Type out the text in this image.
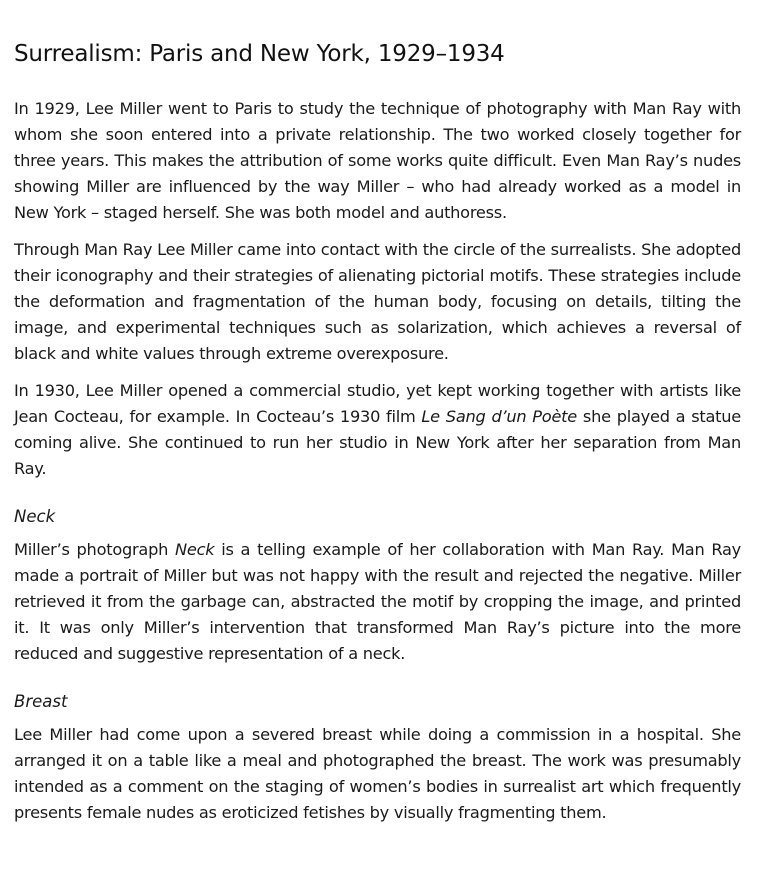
Surrealism: Paris and New York, 1929–1934

In 1929, Lee Miller went to Paris to study the technique of photography with Man Ray with whom she soon entered into a private relationship. The two worked closely together for three years. This makes the attribution of some works quite difficult. Even Man Ray’s nudes showing Miller are influenced by the way Miller – who had already worked as a model in New York – staged herself. She was both model and authoress.

Through Man Ray Lee Miller came into contact with the circle of the surrealists. She adopted their iconography and their strategies of alienating pictorial motifs. These strategies include the deformation and fragmentation of the human body, focusing on details, tilting the image, and experimental techniques such as solarization, which achieves a reversal of black and white values through extreme overexposure.

In 1930, Lee Miller opened a commercial studio, yet kept working together with artists like Jean Cocteau, for example. In Cocteau’s 1930 film Le Sang d’un Poète she played a statue coming alive. She continued to run her studio in New York after her separation from Man Ray.

Neck

Miller’s photograph Neck is a telling example of her collaboration with Man Ray. Man Ray made a portrait of Miller but was not happy with the result and rejected the negative. Miller retrieved it from the garbage can, abstracted the motif by cropping the image, and printed it. It was only Miller’s intervention that transformed Man Ray’s picture into the more reduced and suggestive representation of a neck.

Breast

Lee Miller had come upon a severed breast while doing a commission in a hospital. She arranged it on a table like a meal and photographed the breast. The work was presumably intended as a comment on the staging of women’s bodies in surrealist art which frequently presents female nudes as eroticized fetishes by visually fragmenting them.
